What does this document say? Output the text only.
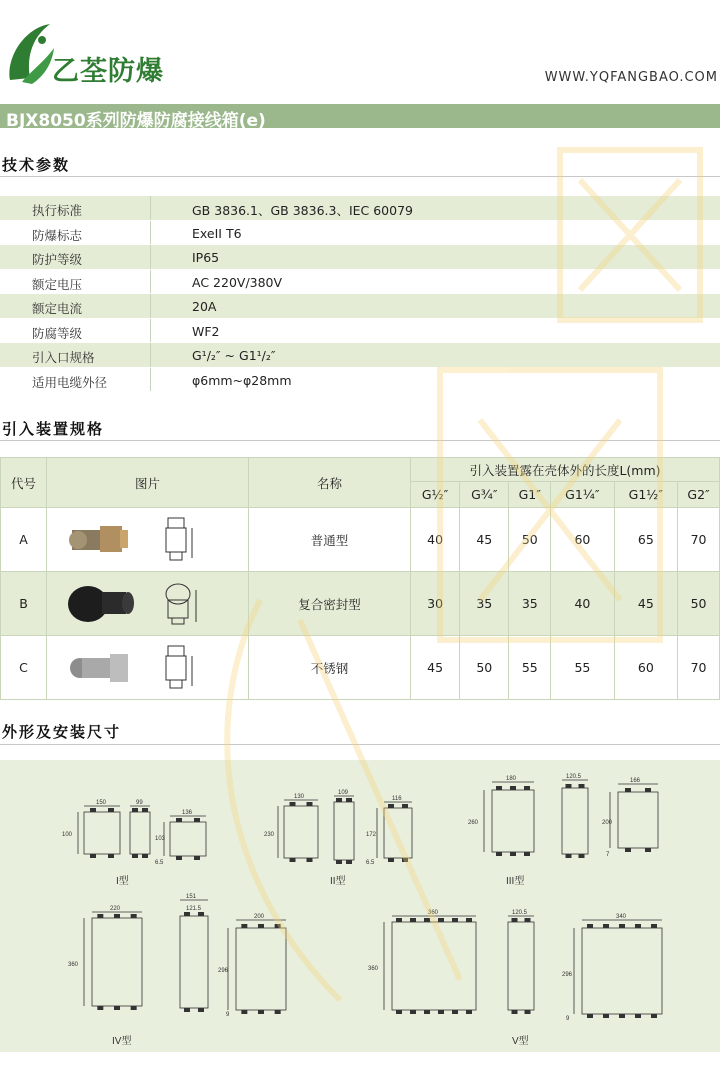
乙荃防爆	WWW.YQFANGBAO.COM
BJX8050系列防爆防腐接线箱(e)
技术参数
执行标准	GB 3836.1、GB 3836.3、IEC 60079
防爆标志	ExeII T6
防护等级	IP65
额定电压	AC 220V/380V
额定电流	20A
防腐等级	WF2
引入口规格	G¹/₂″ ~ G1¹/₂″
适用电缆外径	φ6mm~φ28mm
引入装置规格
代号	图片	名称	引入装置露在壳体外的长度L(mm)					
			G½″	G¾″	G1″	G1¼″	G1½″	G2″
A		普通型	40	45	50	60	65	70
B		复合密封型	30	35	35	40	45	50
C		不锈钢	45	50	55	55	60	70
外形及安装尺寸
150	99
136
100
103
6.5
I型
130
109
116
230	172
6.5
II型
180	120.5
166
260	200
7
III型
220
151
121.5
200
360
296
9
IV型
360	120.5
340
360
296
9
V型
